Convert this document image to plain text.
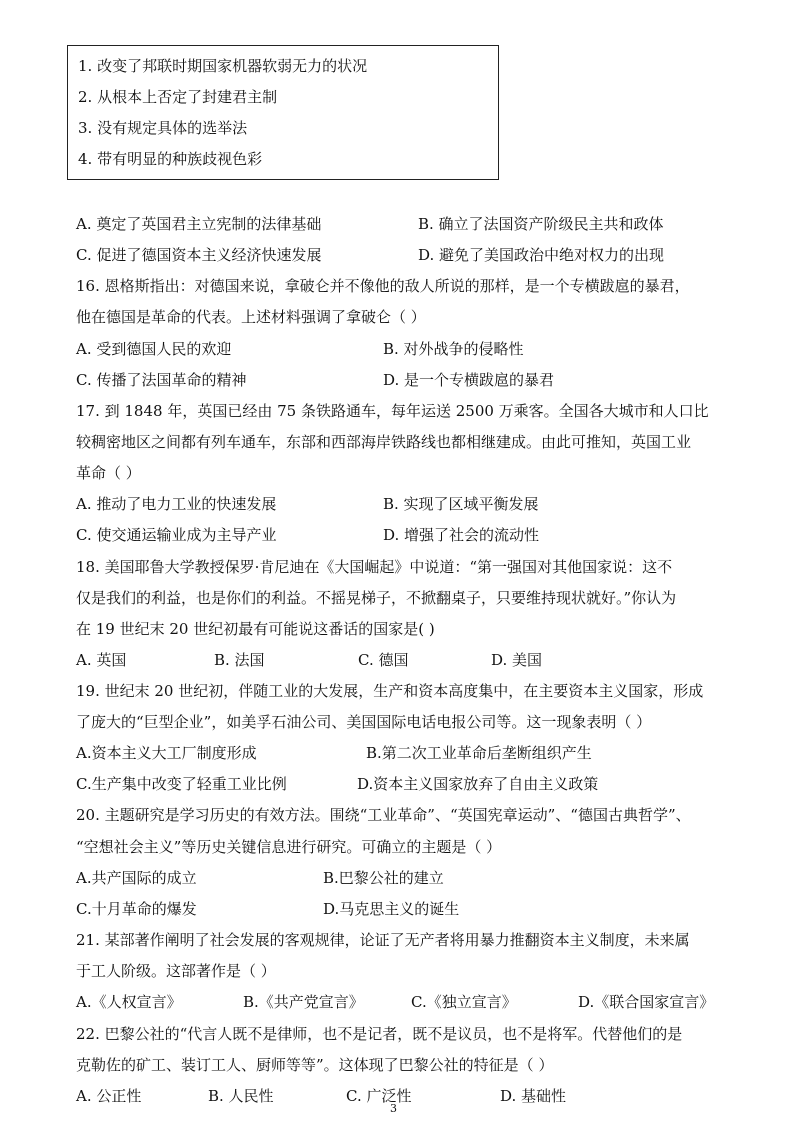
1. 改变了邦联时期国家机器软弱无力的状况
2. 从根本上否定了封建君主制
3. 没有规定具体的选举法
4. 带有明显的种族歧视色彩
A. 奠定了英国君主立宪制的法律基础	B. 确立了法国资产阶级民主共和政体
C. 促进了德国资本主义经济快速发展	D. 避免了美国政治中绝对权力的出现
16. 恩格斯指出：对德国来说，拿破仑并不像他的敌人所说的那样，是一个专横跋扈的暴君，
他在德国是革命的代表。上述材料强调了拿破仑（ ）
A. 受到德国人民的欢迎	B. 对外战争的侵略性
C. 传播了法国革命的精神	D. 是一个专横跋扈的暴君
17. 到 1848 年，英国已经由 75 条铁路通车，每年运送 2500 万乘客。全国各大城市和人口比
较稠密地区之间都有列车通车，东部和西部海岸铁路线也都相继建成。由此可推知，英国工业
革命（ ）
A. 推动了电力工业的快速发展	B. 实现了区域平衡发展
C. 使交通运输业成为主导产业	D. 增强了社会的流动性
18. 美国耶鲁大学教授保罗·肯尼迪在《大国崛起》中说道：“第一强国对其他国家说：这不
仅是我们的利益，也是你们的利益。不摇晃梯子，不掀翻桌子，只要维持现状就好。”你认为
在 19 世纪末 20 世纪初最有可能说这番话的国家是( )
A. 英国	B. 法国	C. 德国	D. 美国
19. 世纪末 20 世纪初，伴随工业的大发展，生产和资本高度集中，在主要资本主义国家，形成
了庞大的“巨型企业”，如美孚石油公司、美国国际电话电报公司等。这一现象表明（ ）
A.资本主义大工厂制度形成	B.第二次工业革命后垄断组织产生
C.生产集中改变了轻重工业比例	D.资本主义国家放弃了自由主义政策
20. 主题研究是学习历史的有效方法。围绕“工业革命”、“英国宪章运动”、“德国古典哲学”、
“空想社会主义”等历史关键信息进行研究。可确立的主题是（ ）
A.共产国际的成立	B.巴黎公社的建立
C.十月革命的爆发	D.马克思主义的诞生
21. 某部著作阐明了社会发展的客观规律，论证了无产者将用暴力推翻资本主义制度，未来属
于工人阶级。这部著作是（ ）
A.《人权宣言》	B.《共产党宣言》	C.《独立宣言》	D.《联合国家宣言》
22. 巴黎公社的“代言人既不是律师，也不是记者，既不是议员，也不是将军。代替他们的是
克勒佐的矿工、装订工人、厨师等等”。这体现了巴黎公社的特征是（ ）
A. 公正性	B. 人民性	C. 广泛性	D. 基础性
3
